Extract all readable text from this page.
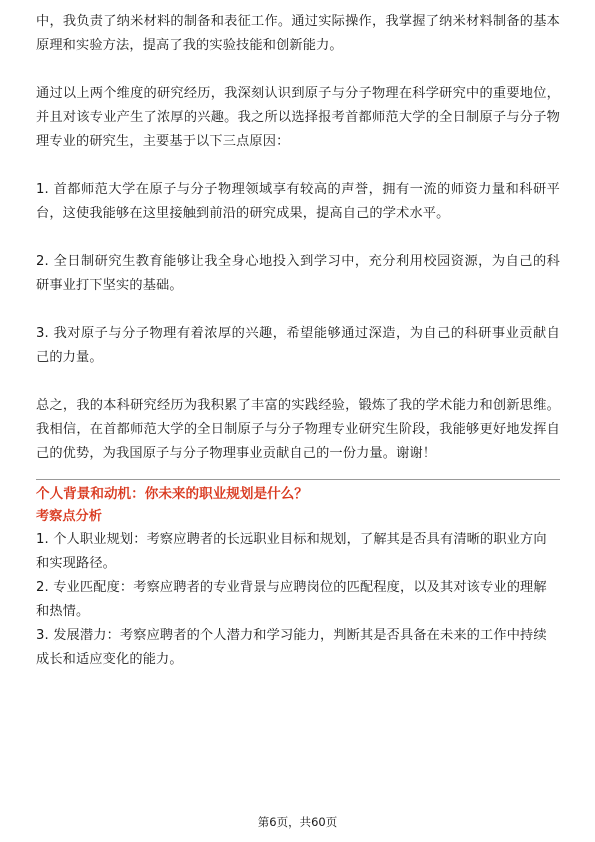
中，我负责了纳米材料的制备和表征工作。通过实际操作，我掌握了纳米材料制备的基本原理和实验方法，提高了我的实验技能和创新能力。

通过以上两个维度的研究经历，我深刻认识到原子与分子物理在科学研究中的重要地位，并且对该专业产生了浓厚的兴趣。我之所以选择报考首都师范大学的全日制原子与分子物理专业的研究生，主要基于以下三点原因：

1. 首都师范大学在原子与分子物理领域享有较高的声誉，拥有一流的师资力量和科研平台，这使我能够在这里接触到前沿的研究成果，提高自己的学术水平。

2. 全日制研究生教育能够让我全身心地投入到学习中，充分利用校园资源，为自己的科研事业打下坚实的基础。

3. 我对原子与分子物理有着浓厚的兴趣，希望能够通过深造，为自己的科研事业贡献自己的力量。

总之，我的本科研究经历为我积累了丰富的实践经验，锻炼了我的学术能力和创新思维。我相信，在首都师范大学的全日制原子与分子物理专业研究生阶段，我能够更好地发挥自己的优势，为我国原子与分子物理事业贡献自己的一份力量。谢谢！

个人背景和动机：你未来的职业规划是什么？

考察点分析

1. 个人职业规划：考察应聘者的长远职业目标和规划，了解其是否具有清晰的职业方向和实现路径。

2. 专业匹配度：考察应聘者的专业背景与应聘岗位的匹配程度，以及其对该专业的理解和热情。

3. 发展潜力：考察应聘者的个人潜力和学习能力，判断其是否具备在未来的工作中持续成长和适应变化的能力。

第6页，共60页
